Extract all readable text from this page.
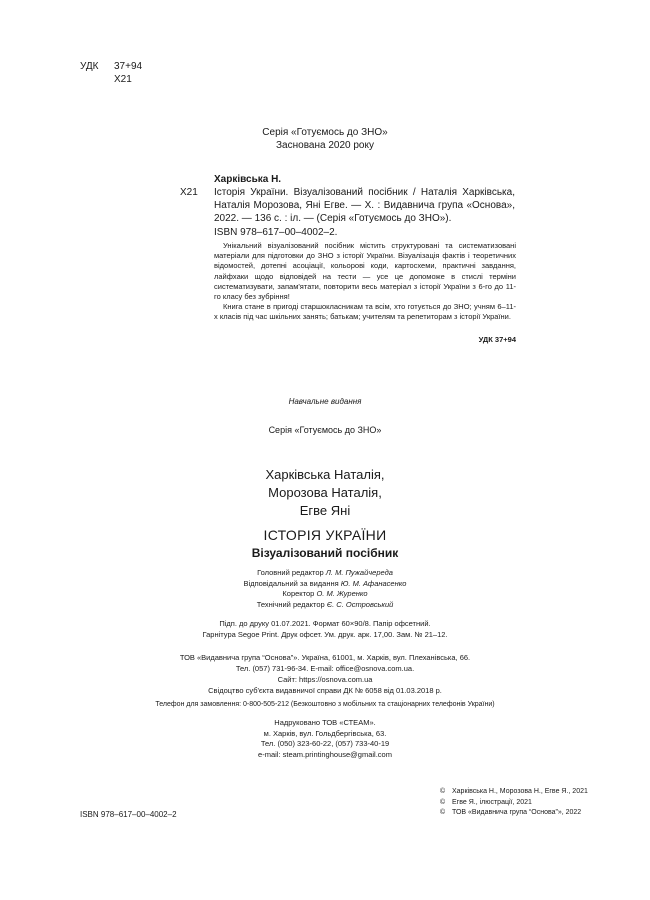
УДК 37+94
Х21
Серія «Готуємось до ЗНО»
Заснована 2020 року
Харківська Н.
Х21	Історія України. Візуалізований посібник / Наталія Харківська, Наталія Морозова, Яні Егве. — Х. : Видавнича група «Основа», 2022. — 136 с. : іл. — (Серія «Готуємось до ЗНО»).
ISBN 978–617–00–4002–2.

Унікальний візуалізований посібник містить структуровані та систематизовані матеріали для підготовки до ЗНО з історії України. Візуалізація фактів і теоретичних відомостей, дотепні асоціації, кольорові коди, картосхеми, практичні завдання, лайфхаки щодо відповідей на тести — усе це допоможе в стислі терміни систематизувати, запам'ятати, повторити весь матеріал з історії України з 6-го до 11-го класу без зубріння!

Книга стане в пригоді старшокласникам та всім, хто готується до ЗНО; учням 6–11-х класів під час шкільних занять; батькам; учителям та репетиторам з історії України.

УДК 37+94
Навчальне видання
Серія «Готуємось до ЗНО»
Харківська Наталія,
Морозова Наталія,
Егве Яні
ІСТОРІЯ УКРАЇНИ
Візуалізований посібник
Головний редактор Л. М. Пужайчереда
Відповідальний за видання Ю. М. Афанасенко
Коректор О. М. Журенко
Технічний редактор Є. С. Островський
Підп. до друку 01.07.2021. Формат 60×90/8. Папір офсетний.
Гарнітура Segoe Print. Друк офсет. Ум. друк. арк. 17,00. Зам. № 21–12.
ТОВ «Видавнича група “Основа”». Україна, 61001, м. Харків, вул. Плеханівська, 66.
Тел. (057) 731-96-34. E-mail: office@osnova.com.ua.
Сайт: https://osnova.com.ua
Свідоцтво суб'єкта видавничої справи ДК № 6058 від 01.03.2018 р.
Телефон для замовлення: 0-800-505-212 (Безкоштовно з мобільних та стаціонарних телефонів України)
Надруковано ТОВ «СТЕАМ».
м. Харків, вул. Гольдбергівська, 63.
Тел. (050) 323-60-22, (057) 733-40-19
e-mail: steam.printinghouse@gmail.com
ISBN 978–617–00–4002–2
© Харківська Н., Морозова Н., Егве Я., 2021
© Егве Я., ілюстрації, 2021
© ТОВ «Видавнича група “Основа”», 2022
